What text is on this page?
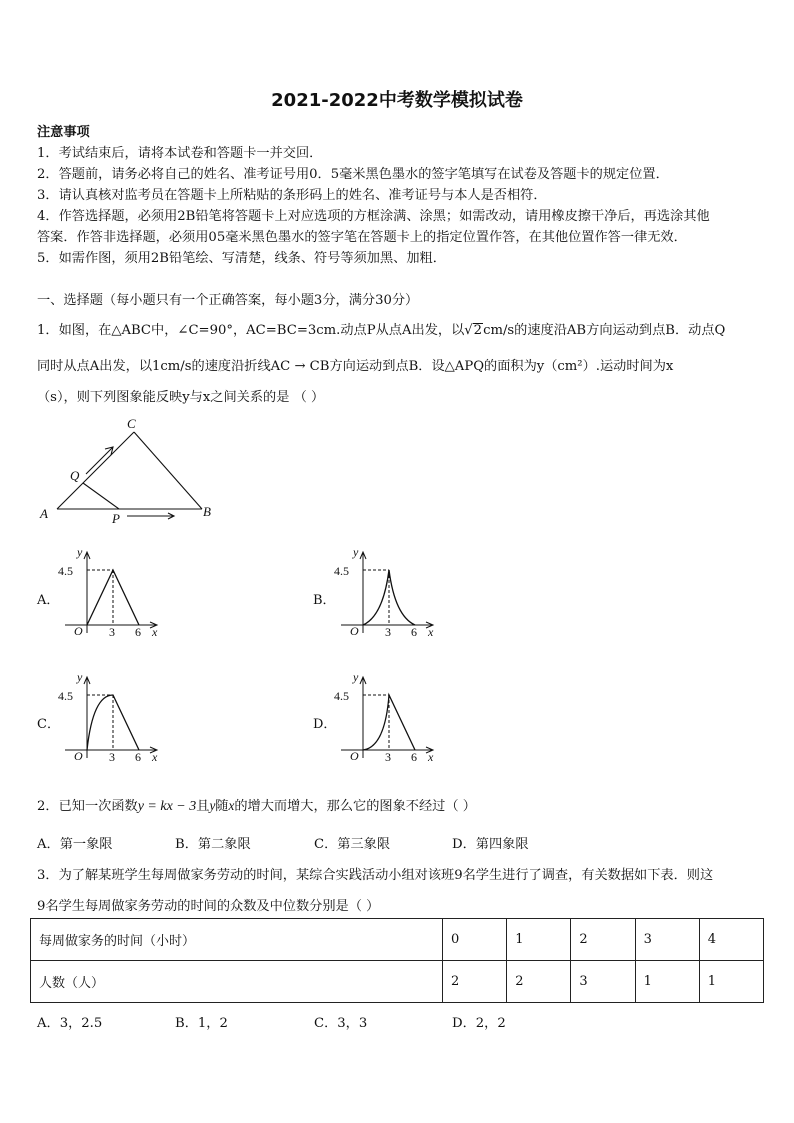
2021-2022中考数学模拟试卷
注意事项
1．考试结束后，请将本试卷和答题卡一并交回．
2．答题前，请务必将自己的姓名、准考证号用0．5毫米黑色墨水的签字笔填写在试卷及答题卡的规定位置．
3．请认真核对监考员在答题卡上所粘贴的条形码上的姓名、准考证号与本人是否相符．
4．作答选择题，必须用2B铅笔将答题卡上对应选项的方框涂满、涂黑；如需改动，请用橡皮擦干净后，再选涂其他
答案．作答非选择题，必须用05毫米黑色墨水的签字笔在答题卡上的指定位置作答，在其他位置作答一律无效．
5．如需作图，须用2B铅笔绘、写清楚，线条、符号等须加黑、加粗．
一、选择题（每小题只有一个正确答案，每小题3分，满分30分）
1．如图，在△ABC中，∠C=90°，AC=BC=3cm.动点P从点A出发，以√2cm/s的速度沿AB方向运动到点B．动点Q
同时从点A出发，以1cm/s的速度沿折线AC → CB方向运动到点B．设△APQ的面积为y（cm²）.运动时间为x
（s），则下列图象能反映y与x之间关系的是 （ ）
C
Q
A	P	B
A．	B．
C．	D．
y
4.5
O 3 6 x
y
4.5
O 3 6 x
y
4.5
O 3 6 x
y
4.5
O 3 6 x
2．已知一次函数y = kx − 3且y随x的增大而增大，那么它的图象不经过（ ）
A．第一象限	B．第二象限	C．第三象限	D．第四象限
3．为了解某班学生每周做家务劳动的时间，某综合实践活动小组对该班9名学生进行了调查，有关数据如下表．则这
9名学生每周做家务劳动的时间的众数及中位数分别是（ ）
每周做家务的时间（小时）	0	1	2	3	4
人数（人）	2	2	3	1	1
A．3，2.5	B．1，2	C．3，3	D．2，2
